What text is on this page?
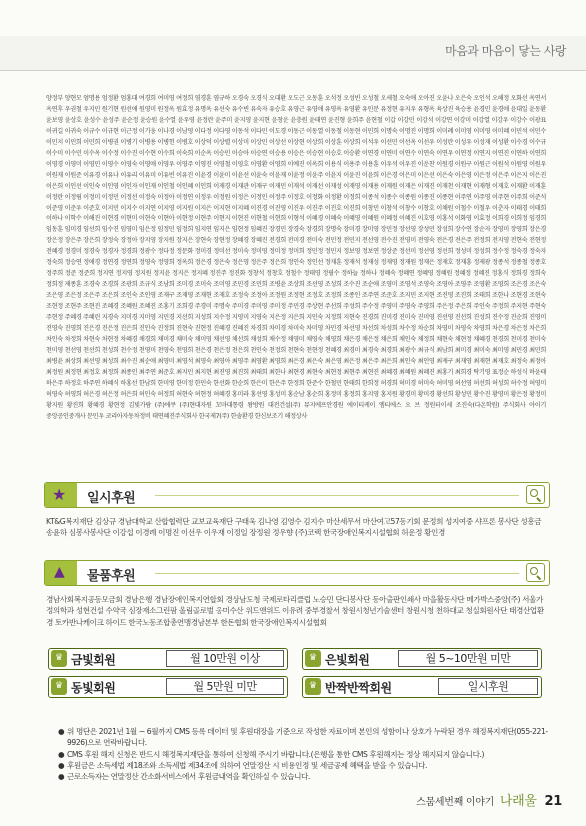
마음과 마음이 닿는 사랑
양정부 양현모 엄명용 엄정환 엄홍대 여경희 여미영 여정희 염경훈 염규하 오경숙 오경식 오대환 오도근 오동훈 오석정 오성빈 오성철 오세철 오숙애 오아진 오윤나 오은숙 오인석 오해정 오화선 옥연서 옥연후 우권철 우지민 원기현 원선애 원영미 원정옥 원효정 유명옥 유선숙 유수빈 유숙자 유승호 유영근 유영애 유영옥 유영환 유인분 유정현 유지우 유형옥 육상진 육승용 윤경민 윤경애 윤대일 윤동환 윤보영 윤상호 윤성수 윤성주 윤순정 윤승원 윤수열 윤우영 윤정란 윤주미 윤지영 윤지현 윤창운 윤충원 윤태연 윤진형 윤희주 윤현철 이갑 이강민 이강석 이강연 이강미 이강열 이강우 이강수 이광표 이귀길 이귀숙 이규수 이규현 이근정 이기웅 이나경 이남영 이다정 이다영 이동석 이다민 이도경 이동근 이동열 이동철 이동현 이민희 이명숙 이명진 이명희 이미례 이미영 이미영 이미혜 이민석 이민수 이민지 이민희 이민희 이병권 이병기 이병용 이병헌 이병호 이상덕 이상렬 이상미 이상민 이상선 이상현 이상희 이상훈 이상희 이석우 이선민 이선옥 이선우 이성란 이성우 이성재 이성환 이수경 이수규 이수미 이수민 이수옥 이수정 이수진 이수현 이수희 이숙희 이순옥 이승민 이승아 이승연 이승용 이승은 이승현 이승호 이승환 이연경 이연미 이연수 이연숙 이연우 이연정 이연지 이연진 이연하 이연희 이영경 이영미 이영민 이영수 이영숙 이영애 이영우 이영주 이영진 이영철 이영호 이영환 이영희 이예진 이옥희 이용식 이용주 이용훈 이우석 이우진 이운찬 이원경 이원구 이원근 이원석 이원영 이원우 이원재 이원준 이유경 이유나 이유리 이유미 이유빈 이유진 이윤경 이윤미 이윤선 이윤숙 이윤재 이윤정 이윤주 이윤지 이윤진 이윤희 이은경 이은미 이은선 이은숙 이은영 이은정 이은주 이은지 이은진 이은희 이인선 이인숙 이인영 이인자 이인재 이인철 이인혜 이인희 이재경 이재관 이재구 이재민 이재석 이재선 이재성 이재영 이재용 이재원 이재은 이재진 이재천 이재현 이재형 이재호 이재환 이재훈 이정란 이정림 이정미 이정민 이정선 이정숙 이정아 이정연 이정우 이정원 이정은 이정인 이정주 이정호 이정화 이정환 이정희 이종석 이종수 이종원 이종진 이종현 이주연 이주영 이주현 이주희 이준석 이준영 이준우 이준호 이지민 이지수 이지연 이지영 이지원 이지은 이지현 이지혜 이진경 이진영 이진우 이진주 이진호 이진희 이창민 이창석 이창수 이창호 이채원 이철수 이철우 이춘자 이태경 이태희 이하나 이학수 이해진 이현경 이현미 이현숙 이현아 이현정 이현주 이현지 이현진 이현철 이현희 이형석 이혜경 이혜숙 이혜영 이혜원 이혜정 이혜진 이호영 이홍석 이화영 이효정 이희경 이희정 임경희 임동훈 임미경 임선희 임수진 임영미 임은정 임정민 임정희 임지연 임지은 임현정 임혜진 장경민 장경숙 장경희 장명숙 장미경 장미영 장민정 장선영 장성민 장성희 장수연 장순자 장영미 장영희 장은경 장은정 장은주 장은희 장정숙 장정아 장지영 장지원 장지은 장현숙 장현정 장혜경 장혜진 전경희 전미경 전미숙 전민정 전민지 전선영 전수진 전영미 전영숙 전은경 전은주 전정희 전지영 전현숙 전현정 전혜경 정경미 정경숙 정경자 정경희 정광수 정다정 정문화 정미경 정미선 정미숙 정미영 정미정 정미희 정민정 정민지 정보영 정보연 정상준 정선미 정선영 정선희 정성미 정성희 정수정 정숙경 정숙자 정숙희 정승연 정애경 정연경 정연희 정영숙 정영희 정옥희 정은경 정은숙 정은영 정은주 정은희 정인숙 정인선 정재훈 정재석 정재성 정재영 정재원 정재은 정재호 정재흥 정제광 정종석 정종철 정종호 정주희 정준 정준희 정지연 정지영 정지원 정지윤 정지은 정지혜 정진주 정진화 정창석 정창호 정철수 정태영 정필수 정하늘 정하나 정혜숙 정혜연 정혜영 정혜원 정혜정 정혜진 정홍식 정희경 정희숙 정희정 제종훈 조경숙 조경희 조광희 조규식 조남희 조미경 조미숙 조미영 조민경 조민희 조병윤 조상희 조선영 조성희 조수진 조순애 조영미 조영석 조영숙 조영아 조영주 조영환 조영희 조은경 조은숙 조은영 조은정 조은주 조은희 조인숙 조인영 조재구 조재영 조재현 조재호 조정숙 조정아 조정원 조정현 조정호 조정희 조종인 조주연 조준호 조지민 조지현 조진영 조진희 조태희 조한나 조현경 조현숙 조현정 조현주 조현진 조혜경 조혜원 조혜진 조홍기 조희경 주경미 주명숙 주미경 주미영 주미정 주민경 주상현 주선희 주성희 주수정 주영미 주영숙 주영희 주은정 주은희 주인숙 주정희 주지현 주현숙 주현정 주혜경 주혜린 지경숙 지미경 지미영 지민경 지선희 지성희 지수정 지영미 지영숙 지은정 지은희 지인숙 지정희 지현숙 진경희 진미경 진미숙 진미영 진선영 진선희 진성희 진수정 진순희 진영미 진영숙 진영희 진은경 진은정 진은희 진인숙 진정희 진현숙 진현정 진혜경 진혜진 차경희 차미경 차미숙 차미영 차민경 차선영 차선희 차성희 차수정 차순희 차영미 차영숙 차영희 차은경 차은정 차은희 차인숙 차정희 차현숙 차현정 차혜경 채경희 채미경 채미숙 채미영 채선영 채선희 채성희 채수정 채영미 채영숙 채영희 채은경 채은정 채은희 채인숙 채정희 채현숙 채현정 채혜경 천경희 천미경 천미숙 천미영 천선영 천선희 천성희 천수정 천영미 천영숙 천영희 천은경 천은정 천은희 천인숙 천정희 천현숙 천현정 천혜경 최경미 최경숙 최경희 최광수 최규식 최남희 최미경 최미숙 최미영 최민경 최민희 최병윤 최상희 최선영 최성희 최수진 최순애 최영미 최영석 최영숙 최영아 최영주 최영환 최영희 최은경 최은숙 최은영 최은정 최은주 최은희 최인숙 최인영 최재구 최재영 최재현 최재호 최정숙 최정아 최정원 최정현 최정호 최정희 최종인 최주연 최준호 최지민 최지현 최진영 최진희 최태희 최한나 최현경 최현숙 최현정 최현주 최현진 최혜경 최혜원 최혜진 최홍기 최희경 탁기영 표정순 하성식 하윤태 하은주 하정호 하주연 하혜식 하홍선 한남희 한미영 한미정 한민숙 한선화 한순희 한은미 한은주 한정희 한준수 한철민 한태희 한희정 허경희 허미경 허미숙 허미영 허선영 허선희 허성희 허수정 허영미 허영숙 허영희 허은경 허은정 허은희 허인숙 허정희 허현숙 허현정 허혜경 홍미라 홍선영 홍성미 홍순남 홍순희 홍정미 홍정희 홍지영 홍지원 황경미 황미경 황선희 황성민 황수진 황영미 황은정 황정미 황지원 황진희 황혜경 황현정 김빛가람 (주)에쿠 (주)현대자원 꼬마대통령 왕방원 대전건설(주) 뮤지에프안경원 에이티케이 엠티에스 오 브 정원터이세 조진숙(다온학원) 주식회사 아이기 중앙공인중개사 문민우 코리아자동차정비 태연혜진주식회사 한국제7(주) 한솔환경 한신보조기 해정상사
★ 일시후원
KT&G복지재단 김상규 경남대학교 산합협력단 교보교육재단 구태욱 김나영 김영수 김지수 마산세무서 마산여고57동기회 문정희 성지여중 샤프론 봉사단 성흥금 송윤하 심봉사봉사단 이강섭 이경례 이명진 이선우 이우재 이정일 장정원 정우향 (주)코렉 한국장애인복지시설협회 허운정 황인경
▲ 물품후원
경남사회복지공동모금회 경남은행 경남장애인복지연합회 경상남도청 국제로타리클럽 노승민 단디봉사단 동아출판인쇄사 마을활동사단 메가박스중앙(주) 서울가정의학과 성현건설 수약국 심장재소그린팜 올림골로벌 옹미수산 위드앤위드 이유려 중부경찰서 창원시청년기술센터 창원시청 천하대교 청실회원사단 태경산업환경 토카반나케이크 하이드 한국노동조합총연맹경남본부 한돈협회 한국장애인복지시설협회
♛ 금빛회원	월 10만원 이상	♛ 은빛회원	월 5~10만원 미만
♛ 동빛회원	월 5만원 미만	♛ 반짝반짝회원	일시후원
● 위 명단은 2021년 1월 ~ 6월까지 CMS 등록 데이터 및 후원대장을 기준으로 작성한 자료이며 본인의 성함이나 상호가 누락된 경우 해정복지재단(055-221-9926)으로 연락바랍니다.
● CMS 후원 해지 신청은 반드시 해정복지재단을 통하여 신청해 주시기 바랍니다.(은행을 통한 CMS 후원해지는 정상 해지되지 않습니다.)
● 후원금은 소득세법 제18조와 소득세법 제34조에 의하여 연말정산 시 비용인정 및 세금공제 혜택을 받을 수 있습니다.
● 근로소득자는 연말정산 간소화서비스에서 후원금내역을 확인하실 수 있습니다.
스뭄세번째 이야기 나래울 21
